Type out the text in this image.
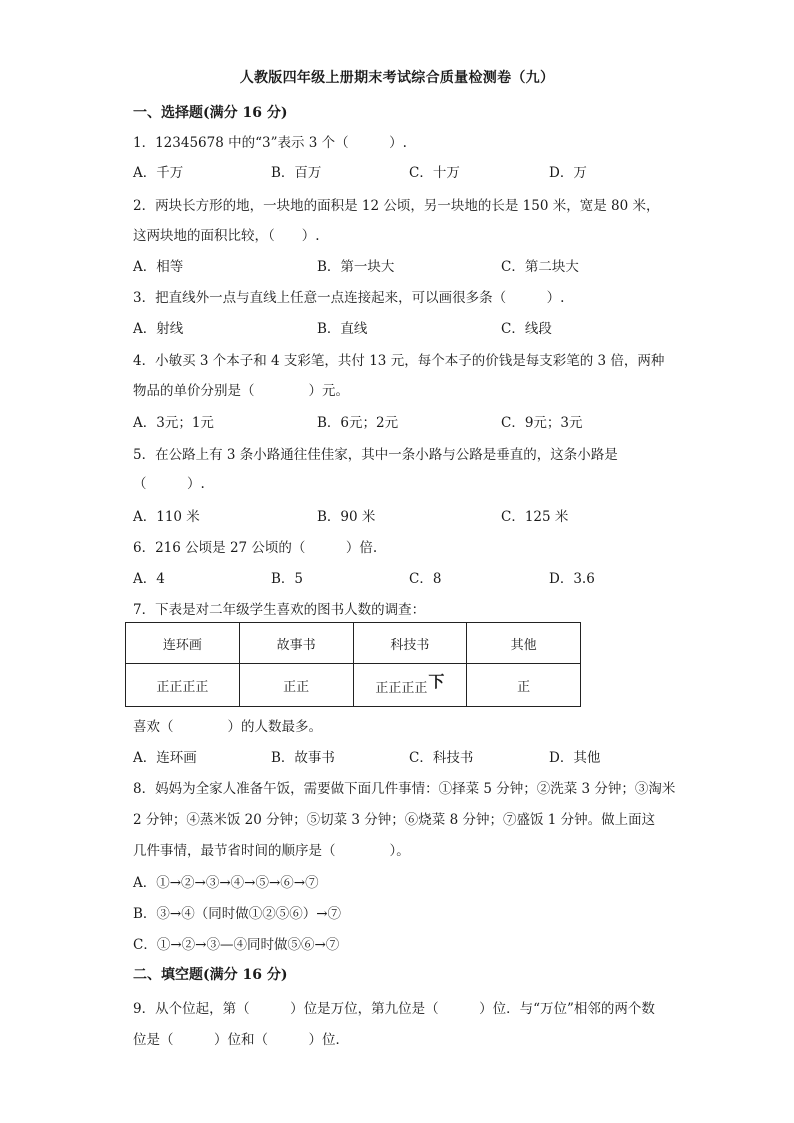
人教版四年级上册期末考试综合质量检测卷（九）
一、选择题(满分 16 分)
1．12345678 中的“3”表示 3 个（　　　）.
A．千万	B．百万	C．十万	D．万
2．两块长方形的地，一块地的面积是 12 公顷，另一块地的长是 150 米，宽是 80 米，
这两块地的面积比较，（　　）.
A．相等	B．第一块大	C．第二块大
3．把直线外一点与直线上任意一点连接起来，可以画很多条（　　　）.
A．射线	B．直线	C．线段
4．小敏买 3 个本子和 4 支彩笔，共付 13 元，每个本子的价钱是每支彩笔的 3 倍，两种
物品的单价分别是（　　　　）元。
A．3元；1元	B．6元；2元	C．9元；3元
5．在公路上有 3 条小路通往佳佳家，其中一条小路与公路是垂直的，这条小路是
（　　　）.
A．110 米	B．90 米	C．125 米
6．216 公顷是 27 公顷的（　　　）倍.
A．4	B．5	C．8	D．3.6
7．下表是对二年级学生喜欢的图书人数的调查：
连环画	故事书	科技书	其他
正正正正	正正	正正正正下	正
喜欢（　　　　）的人数最多。
A．连环画	B．故事书	C．科技书	D．其他
8．妈妈为全家人准备午饭，需要做下面几件事情：①择菜 5 分钟；②洗菜 3 分钟；③淘米
2 分钟；④蒸米饭 20 分钟；⑤切菜 3 分钟；⑥烧菜 8 分钟；⑦盛饭 1 分钟。做上面这
几件事情，最节省时间的顺序是（　　　　）。
A．①→②→③→④→⑤→⑥→⑦
B．③→④（同时做①②⑤⑥）→⑦
C．①→②→③—④同时做⑤⑥→⑦
二、填空题(满分 16 分)
9．从个位起，第（　　　）位是万位，第九位是（　　　）位．与“万位”相邻的两个数
位是（　　　）位和（　　　）位．
